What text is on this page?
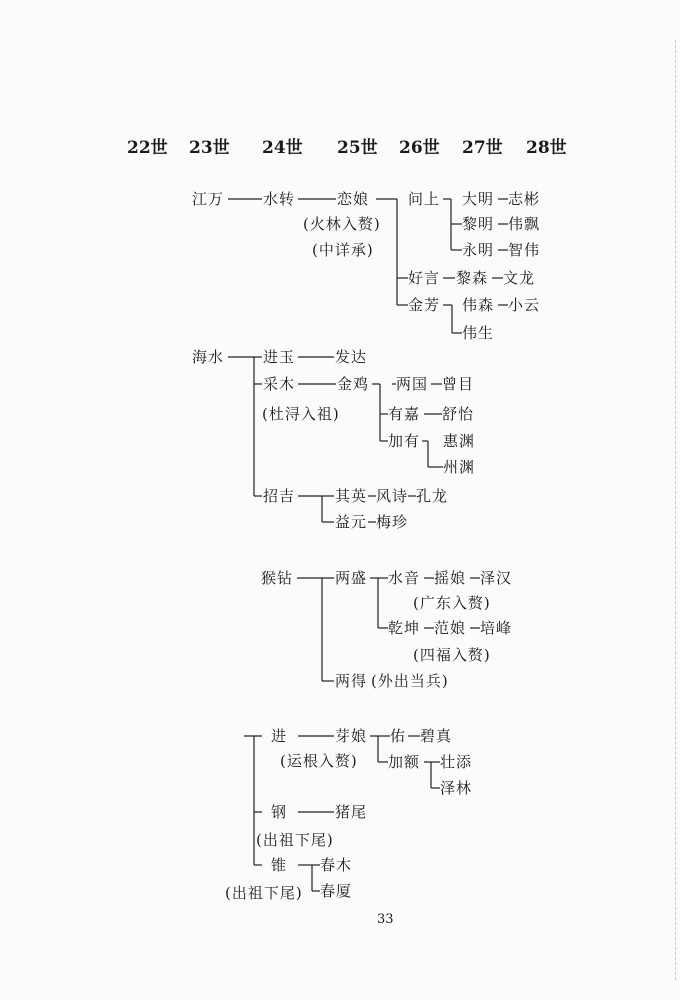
22世 23世 24世 25世 26世 27世 28世
江万	水转	恋娘
(火林入赘)
(中详承)
问上 大明 志彬
黎明 伟飘
永明 智伟
好言 黎森 文龙
金芳 伟森 小云
伟生
海水	进玉	发达
采木	金鸡 两国 曾目
(杜浔入祖)	有嘉 舒怡
加有 惠渊
州渊
招吉	其英 风诗 孔龙
益元 梅珍
猴钻	两盛 水音 摇娘 泽汉
(广东入赘)
乾坤 范娘 培峰
(四福入赘)
两得 (外出当兵)
进	芽娘 佑 碧真
(运根入赘) 加额 壮添
泽林
钢	猪尾
(出祖下尾)
锥 春木
春厦
(出祖下尾)
33
